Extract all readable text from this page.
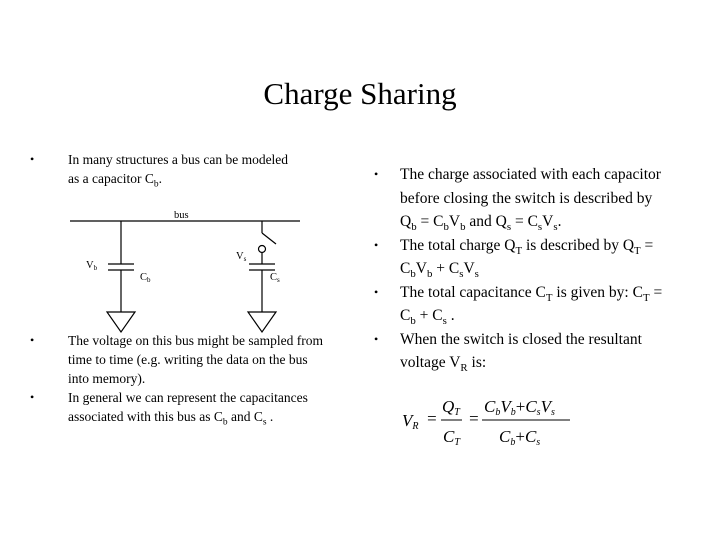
Charge Sharing
•	In many structures a bus can be modeled as a capacitor $C_b$.
bus
Vb
Cb
Vs
Cs
•	The voltage on this bus might be sampled from time to time (e.g. writing the data on the bus into memory).
•	In general we can represent the capacitances associated with this bus as $C_b$ and $C_s$ .
• The charge associated with each capacitor before closing the switch is described by $Q_b = C_bV_b$ and $Q_s = C_sV_s$.
• The total charge $Q_T$ is described by $Q_T = C_bV_b + C_sV_s$
• The total capacitance $C_T$ is given by: $C_T = C_b + C_s$ .
• When the switch is closed the resultant voltage $V_R$ is:
VR =
QT
CT
=
CbVb+CsVs
Cb+Cs
